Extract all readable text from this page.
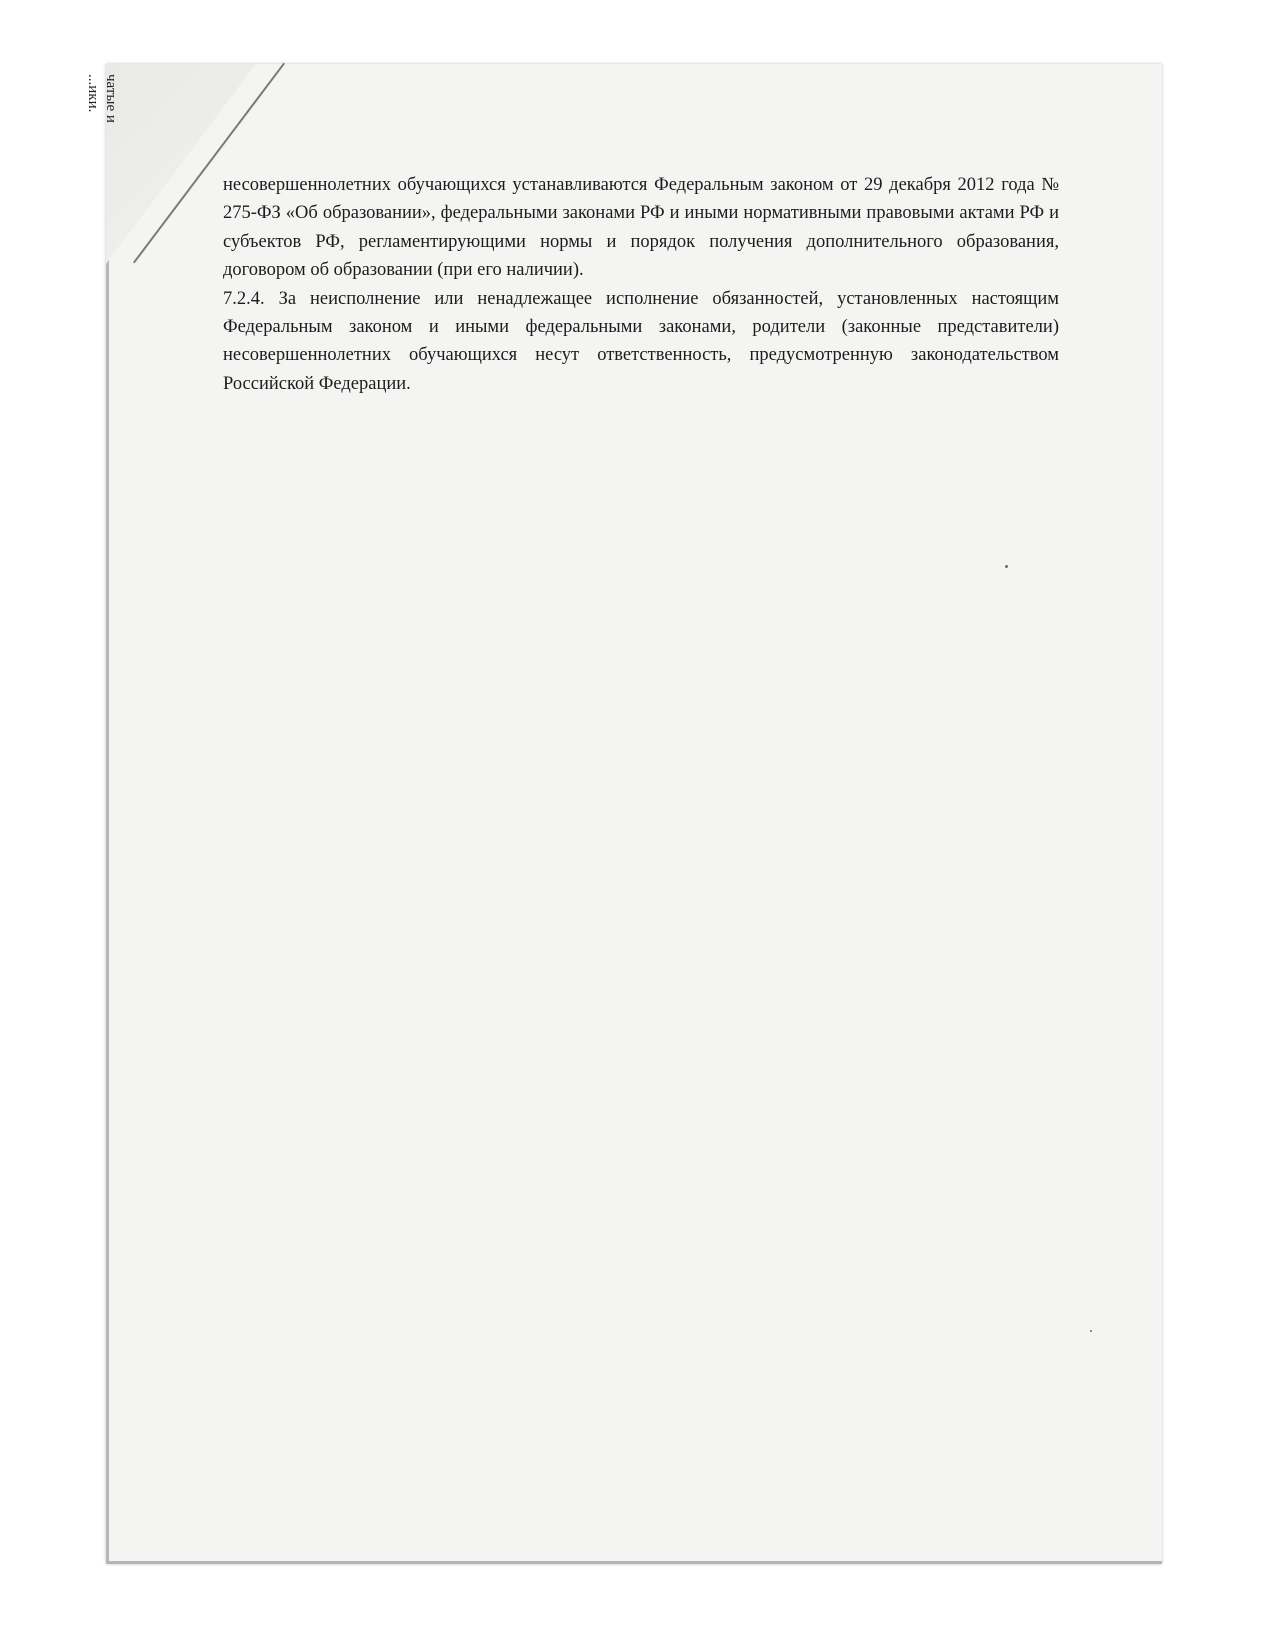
чатые и
...ики.

несовершеннолетних обучающихся устанавливаются Федеральным законом от 29 декабря 2012 года № 275-ФЗ «Об образовании», федеральными законами РФ и иными нормативными правовыми актами РФ и субъектов РФ, регламентирующими нормы и порядок получения дополнительного образования, договором об образовании (при его наличии).

7.2.4. За неисполнение или ненадлежащее исполнение обязанностей, установленных настоящим Федеральным законом и иными федеральными законами, родители (законные представители) несовершеннолетних обучающихся несут ответственность, предусмотренную законодательством Российской Федерации.
